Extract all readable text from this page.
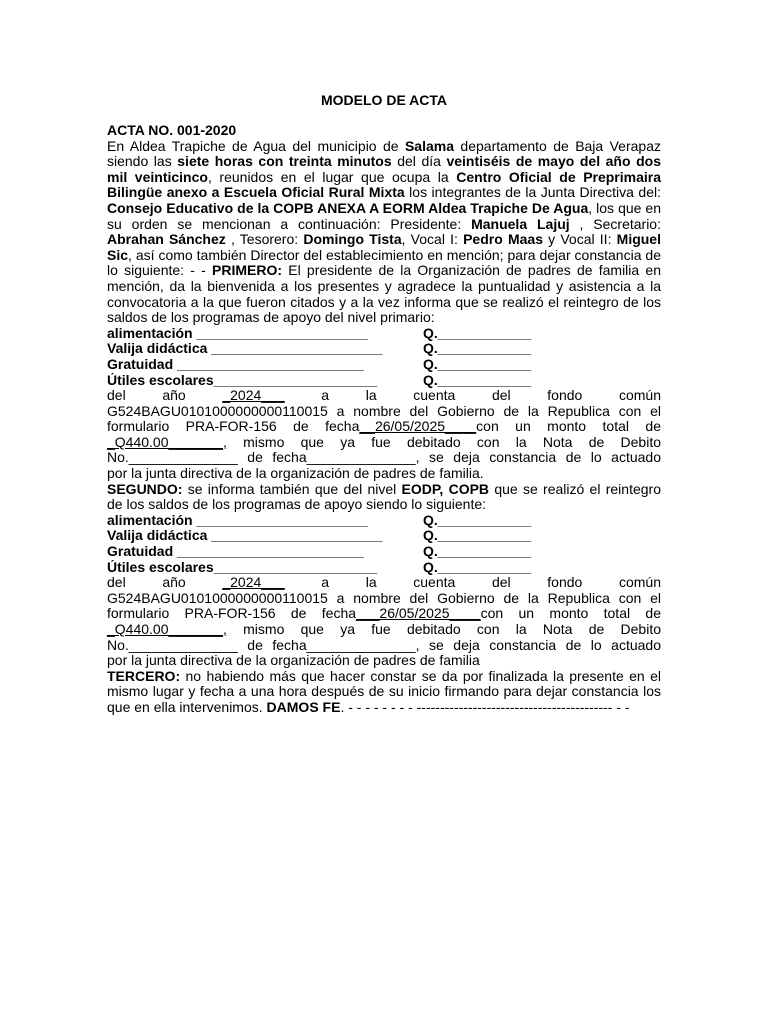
MODELO DE ACTA

ACTA NO. 001-2020

En Aldea Trapiche de Agua del municipio de Salama departamento de Baja Verapaz siendo las siete horas con treinta minutos del día veintiséis de mayo del año dos mil veinticinco, reunidos en el lugar que ocupa la Centro Oficial de Preprimaira Bilingüe anexo a Escuela Oficial Rural Mixta los integrantes de la Junta Directiva del: Consejo Educativo de la COPB ANEXA A EORM Aldea Trapiche De Agua, los que en su orden se mencionan a continuación: Presidente: Manuela Lajuj , Secretario: Abrahan Sánchez , Tesorero: Domingo Tista, Vocal I: Pedro Maas y Vocal II: Miguel Sic, así como también Director del establecimiento en mención; para dejar constancia de lo siguiente: - - PRIMERO: El presidente de la Organización de padres de familia en mención, da la bienvenida a los presentes y agradece la puntualidad y asistencia a la convocatoria a la que fueron citados y a la vez informa que se realizó el reintegro de los saldos de los programas de apoyo del nivel primario:

alimentación ______________________	Q.____________
Valija didáctica ______________________	Q.____________
Gratuidad ________________________	Q.____________
Útiles escolares_____________________	Q.____________

del año _2024___ a la cuenta del fondo común

G524BAGU0101000000000110015 a nombre del Gobierno de la Republica con el

formulario PRA-FOR-156 de fecha__26/05/2025____con un monto total de

_Q440.00_______, mismo que ya fue debitado con la Nota de Debito

No.______________ de fecha______________, se deja constancia de lo actuado

por la junta directiva de la organización de padres de familia.

SEGUNDO: se informa también que del nivel EODP, COPB que se realizó el reintegro de los saldos de los programas de apoyo siendo lo siguiente:

alimentación ______________________	Q.____________
Valija didáctica ______________________	Q.____________
Gratuidad ________________________	Q.____________
Útiles escolares_____________________	Q.____________

del año _2024___ a la cuenta del fondo común

G524BAGU0101000000000110015 a nombre del Gobierno de la Republica con el

formulario PRA-FOR-156 de fecha___26/05/2025____con un monto total de

_Q440.00_______, mismo que ya fue debitado con la Nota de Debito

No.______________ de fecha______________, se deja constancia de lo actuado

por la junta directiva de la organización de padres de familia

TERCERO: no habiendo más que hacer constar se da por finalizada la presente en el mismo lugar y fecha a una hora después de su inicio firmando para dejar constancia los que en ella intervenimos. DAMOS FE. - - - - - - - - ------------------------------------------ - -
